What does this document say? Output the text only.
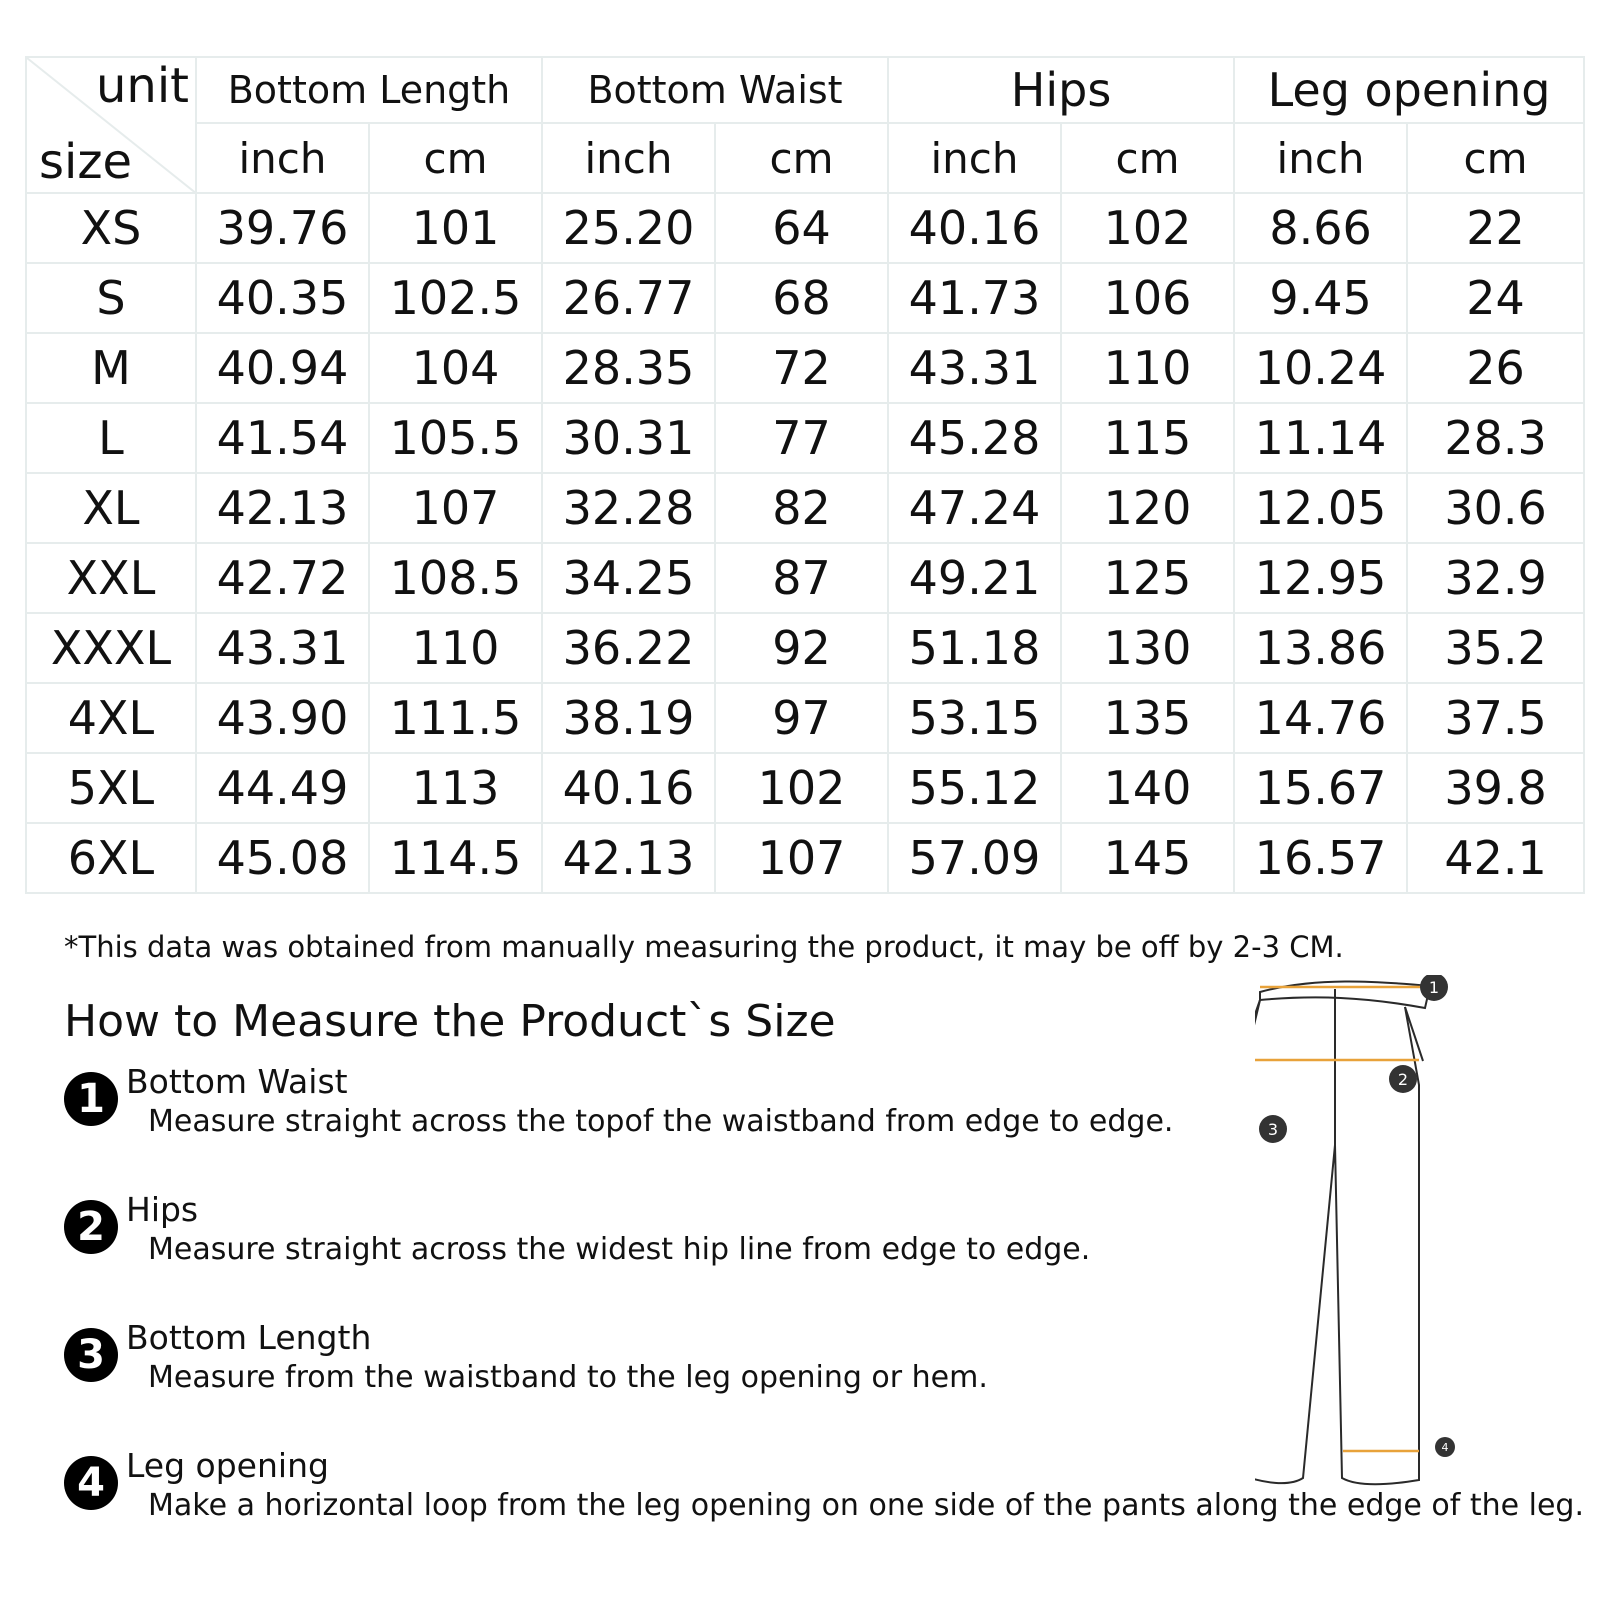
unit
size	Bottom Length		Bottom Waist		Hips		Leg opening	
	inch	cm	inch	cm	inch	cm	inch	cm
XS	39.76	101	25.20	64	40.16	102	8.66	22
S	40.35	102.5	26.77	68	41.73	106	9.45	24
M	40.94	104	28.35	72	43.31	110	10.24	26
L	41.54	105.5	30.31	77	45.28	115	11.14	28.3
XL	42.13	107	32.28	82	47.24	120	12.05	30.6
XXL	42.72	108.5	34.25	87	49.21	125	12.95	32.9
XXXL	43.31	110	36.22	92	51.18	130	13.86	35.2
4XL	43.90	111.5	38.19	97	53.15	135	14.76	37.5
5XL	44.49	113	40.16	102	55.12	140	15.67	39.8
6XL	45.08	114.5	42.13	107	57.09	145	16.57	42.1
*This data was obtained from manually measuring the product, it may be off by 2-3 CM.
How to Measure the Product`s Size
1 Bottom Waist
Measure straight across the topof the waistband from edge to edge.
2 Hips
Measure straight across the widest hip line from edge to edge.
3 Bottom Length
Measure from the waistband to the leg opening or hem.
4 Leg opening
Make a horizontal loop from the leg opening on one side of the pants along the edge of the leg.
1
2
3
4
